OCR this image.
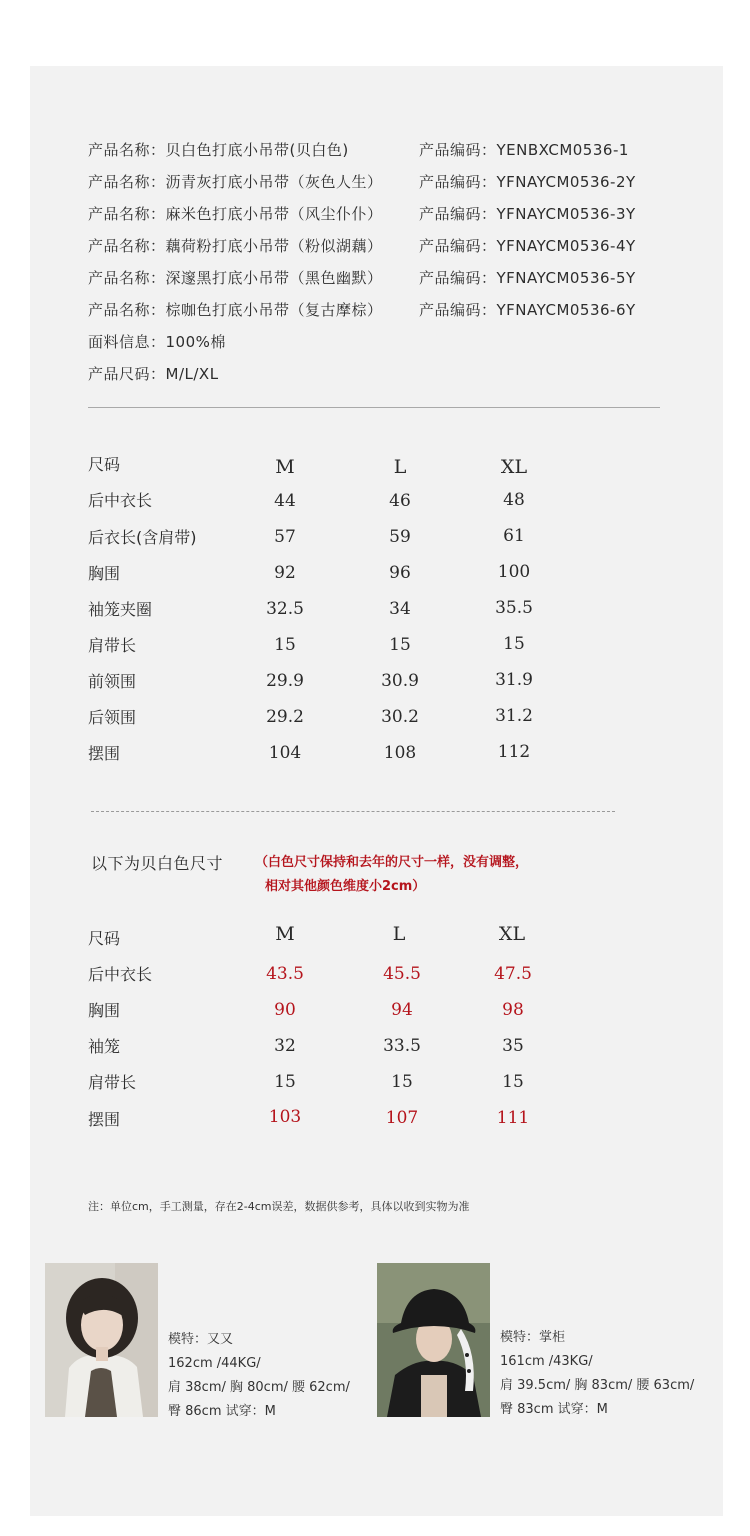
产品名称：贝白色打底小吊带(贝白色)	产品编码：YENBXCM0536-1
产品名称：沥青灰打底小吊带（灰色人生） 产品编码：YFNAYCM0536-2Y
产品名称：麻米色打底小吊带（风尘仆仆） 产品编码：YFNAYCM0536-3Y
产品名称：藕荷粉打底小吊带（粉似湖藕） 产品编码：YFNAYCM0536-4Y
产品名称：深邃黑打底小吊带（黑色幽默） 产品编码：YFNAYCM0536-5Y
产品名称：棕咖色打底小吊带（复古摩棕） 产品编码：YFNAYCM0536-6Y
面料信息：100%棉
产品尺码：M/L/XL
尺码	M	L	XL
后中衣长	44	46	48
后衣长(含肩带)	57	59	61
胸围	92	96	100
袖笼夹圈	32.5	34	35.5
肩带长	15	15	15
前领围	29.9	30.9	31.9
后领围	29.2	30.2	31.2
摆围	104	108	112
以下为贝白色尺寸 （白色尺寸保持和去年的尺寸一样，没有调整，
相对其他颜色维度小2cm）
尺码	M	L	XL
后中衣长	43.5	45.5	47.5
胸围	90	94	98
袖笼	32	33.5	35
肩带长	15	15	15
摆围	103	107	111
注：单位cm，手工测量，存在2-4cm误差，数据供参考，具体以收到实物为准
模特：又又
162cm /44KG/
肩 38cm/ 胸 80cm/ 腰 62cm/
臀 86cm 试穿：M
模特：掌柜
161cm /43KG/
肩 39.5cm/ 胸 83cm/ 腰 63cm/
臀 83cm 试穿：M
